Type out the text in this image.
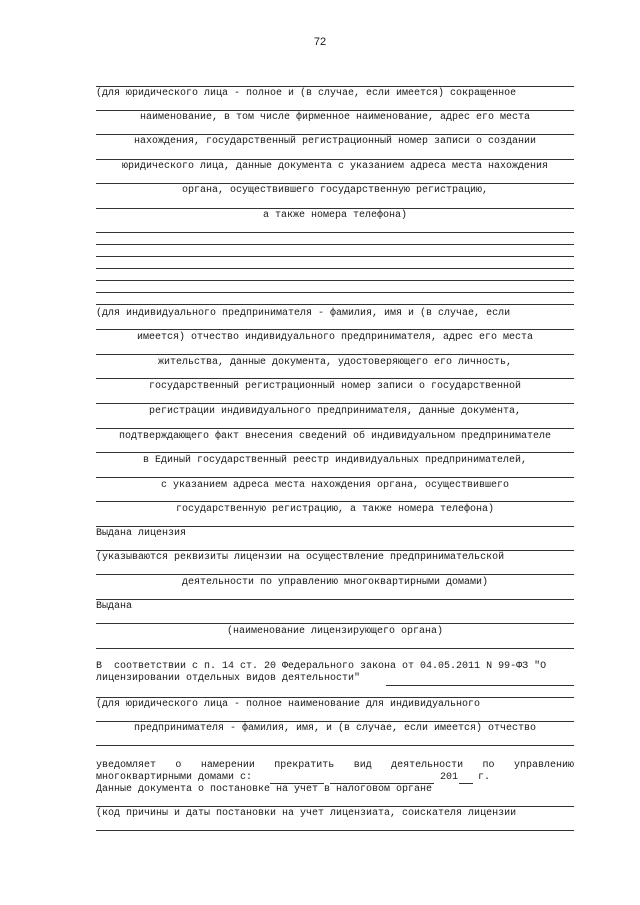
72
(для юридического лица - полное и (в случае, если имеется) сокращенное
наименование, в том числе фирменное наименование, адрес его места
нахождения, государственный регистрационный номер записи о создании
юридического лица, данные документа с указанием адреса места нахождения
органа, осуществившего государственную регистрацию,
а также номера телефона)
(для индивидуального предпринимателя - фамилия, имя и (в случае, если
имеется) отчество индивидуального предпринимателя, адрес его места
жительства, данные документа, удостоверяющего его личность,
государственный регистрационный номер записи о государственной
регистрации индивидуального предпринимателя, данные документа,
подтверждающего факт внесения сведений об индивидуальном предпринимателе
в Единый государственный реестр индивидуальных предпринимателей,
с указанием адреса места нахождения органа, осуществившего
государственную регистрацию, а также номера телефона)
Выдана лицензия
(указываются реквизиты лицензии на осуществление предпринимательской
деятельности по управлению многоквартирными домами)
Выдана
(наименование лицензирующего органа)
В  соответствии с п. 14 ст. 20 Федерального закона от 04.05.2011 N 99-ФЗ "О
лицензировании отдельных видов деятельности"
(для юридического лица - полное наименование для индивидуального
предпринимателя - фамилия, имя, и (в случае, если имеется) отчество
уведомляет о намерении прекратить вид деятельности по управлению
многоквартирными домами с:	201 г.
Данные документа о постановке на учет в налоговом органе
(код причины и даты постановки на учет лицензиата, соискателя лицензии
